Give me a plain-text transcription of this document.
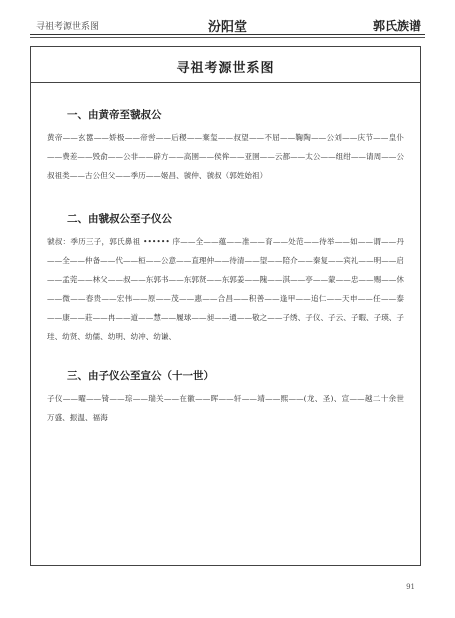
寻祖考源世系图	汾阳堂	郭氏族谱
寻祖考源世系图
一、由黄帝至虢叔公
黄帝——玄嚣——娇极——帝喾——后稷——棄玺——叔望——不屈——鞠陶——公刘——庆节——皇仆——费差——毁俞——公非——辟方——高圉——侯侔——亚圉——云都——太公——组绀——请周——公叔祖类——古公但父——季历——姬昌、虢仲、虢叔（郭姓始祖）
二、由虢叔公至子仪公
虢叔：季历三子，郭氏鼻祖 •••••• 序——全——蕴——准——育——处范——待举——如——谓——丹——全——仲备——代——桓——公意——直理仲——待清——望——陪介——秦复——宾礼——明——启——孟莞——林父——叔——东郭书——东郭贤——东郭姜——隗——淇——亭——蒙——忠——赐——休——微——春贵——宏伟——原——茂——惠——合昌——积善——逢甲——追仁——天申——任——泰——康——莊——冉——道——慧——履球——昶——通——敬之——子绣、子仪、子云、子暇、子瑛、子珪、幼贤、幼儒、幼明、幼冲、幼谦、
三、由子仪公至宣公（十一世）
子仪——曜——锜——琮——瑞关——在徽——晖——轩——靖——熙——(龙、圣)、宣——越二十余世 万盛、振温、福海
91
